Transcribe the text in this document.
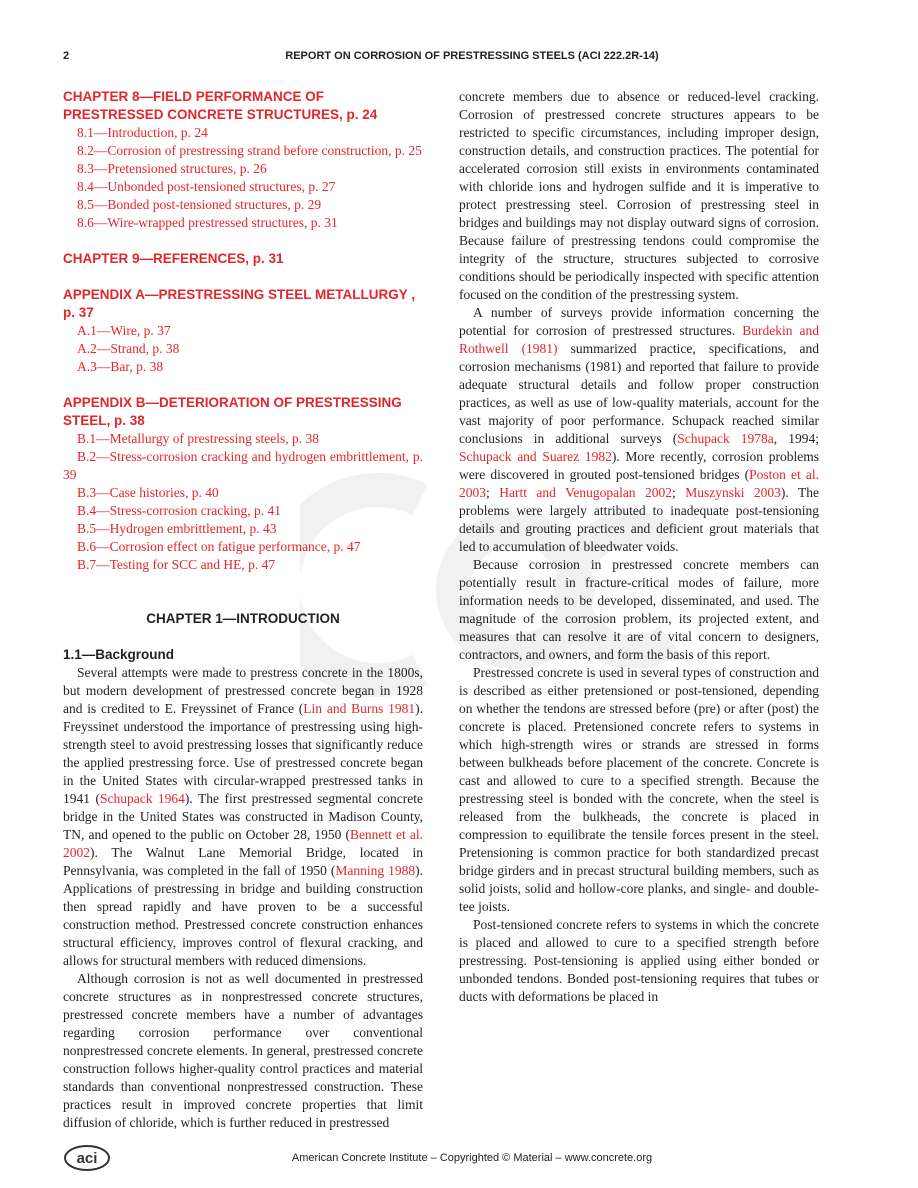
2	REPORT ON CORROSION OF PRESTRESSING STEELS (ACI 222.2R-14)

CHAPTER 8—FIELD PERFORMANCE OF PRESTRESSED CONCRETE STRUCTURES, p. 24

8.1—Introduction, p. 24

8.2—Corrosion of prestressing strand before construction, p. 25

8.3—Pretensioned structures, p. 26

8.4—Unbonded post-tensioned structures, p. 27

8.5—Bonded post-tensioned structures, p. 29

8.6—Wire-wrapped prestressed structures, p. 31

CHAPTER 9—REFERENCES, p. 31

APPENDIX A—PRESTRESSING STEEL METALLURGY , p. 37

A.1—Wire, p. 37

A.2—Strand, p. 38

A.3—Bar, p. 38

APPENDIX B—DETERIORATION OF PRESTRESSING STEEL, p. 38

B.1—Metallurgy of prestressing steels, p. 38

B.2—Stress-corrosion cracking and hydrogen embrittlement, p. 39

B.3—Case histories, p. 40

B.4—Stress-corrosion cracking, p. 41

B.5—Hydrogen embrittlement, p. 43

B.6—Corrosion effect on fatigue performance, p. 47

B.7—Testing for SCC and HE, p. 47

CHAPTER 1—INTRODUCTION
1.1—Background

Several attempts were made to prestress concrete in the 1800s, but modern development of prestressed concrete began in 1928 and is credited to E. Freyssinet of France (Lin and Burns 1981). Freyssinet understood the importance of prestressing using high-strength steel to avoid prestressing losses that significantly reduce the applied prestressing force. Use of prestressed concrete began in the United States with circular-wrapped prestressed tanks in 1941 (Schupack 1964). The first prestressed segmental concrete bridge in the United States was constructed in Madison County, TN, and opened to the public on October 28, 1950 (Bennett et al. 2002). The Walnut Lane Memorial Bridge, located in Pennsylvania, was completed in the fall of 1950 (Manning 1988). Applications of prestressing in bridge and building construction then spread rapidly and have proven to be a successful construction method. Prestressed concrete construction enhances structural efficiency, improves control of flexural cracking, and allows for structural members with reduced dimensions.

Although corrosion is not as well documented in prestressed concrete structures as in nonprestressed concrete structures, prestressed concrete members have a number of advantages regarding corrosion performance over conventional nonprestressed concrete elements. In general, prestressed concrete construction follows higher-quality control practices and material standards than conventional nonprestressed construction. These practices result in improved concrete properties that limit diffusion of chloride, which is further reduced in prestressed

concrete members due to absence or reduced-level cracking. Corrosion of prestressed concrete structures appears to be restricted to specific circumstances, including improper design, construction details, and construction practices. The potential for accelerated corrosion still exists in environments contaminated with chloride ions and hydrogen sulfide and it is imperative to protect prestressing steel. Corrosion of prestressing steel in bridges and buildings may not display outward signs of corrosion. Because failure of prestressing tendons could compromise the integrity of the structure, structures subjected to corrosive conditions should be periodically inspected with specific attention focused on the condition of the prestressing system.

A number of surveys provide information concerning the potential for corrosion of prestressed structures. Burdekin and Rothwell (1981) summarized practice, specifications, and corrosion mechanisms (1981) and reported that failure to provide adequate structural details and follow proper construction practices, as well as use of low-quality materials, account for the vast majority of poor performance. Schupack reached similar conclusions in additional surveys (Schupack 1978a, 1994; Schupack and Suarez 1982). More recently, corrosion problems were discovered in grouted post-tensioned bridges (Poston et al. 2003; Hartt and Venugopalan 2002; Muszynski 2003). The problems were largely attributed to inadequate post-tensioning details and grouting practices and deficient grout materials that led to accumulation of bleedwater voids.

Because corrosion in prestressed concrete members can potentially result in fracture-critical modes of failure, more information needs to be developed, disseminated, and used. The magnitude of the corrosion problem, its projected extent, and measures that can resolve it are of vital concern to designers, contractors, and owners, and form the basis of this report.

Prestressed concrete is used in several types of construction and is described as either pretensioned or post-tensioned, depending on whether the tendons are stressed before (pre) or after (post) the concrete is placed. Pretensioned concrete refers to systems in which high-strength wires or strands are stressed in forms between bulkheads before placement of the concrete. Concrete is cast and allowed to cure to a specified strength. Because the prestressing steel is bonded with the concrete, when the steel is released from the bulkheads, the concrete is placed in compression to equilibrate the tensile forces present in the steel. Pretensioning is common practice for both standardized precast bridge girders and in precast structural building members, such as solid joists, solid and hollow-core planks, and single- and double-tee joists.

Post-tensioned concrete refers to systems in which the concrete is placed and allowed to cure to a specified strength before prestressing. Post-tensioning is applied using either bonded or unbonded tendons. Bonded post-tensioning requires that tubes or ducts with deformations be placed in

aci	American Concrete Institute – Copyrighted © Material – www.concrete.org
